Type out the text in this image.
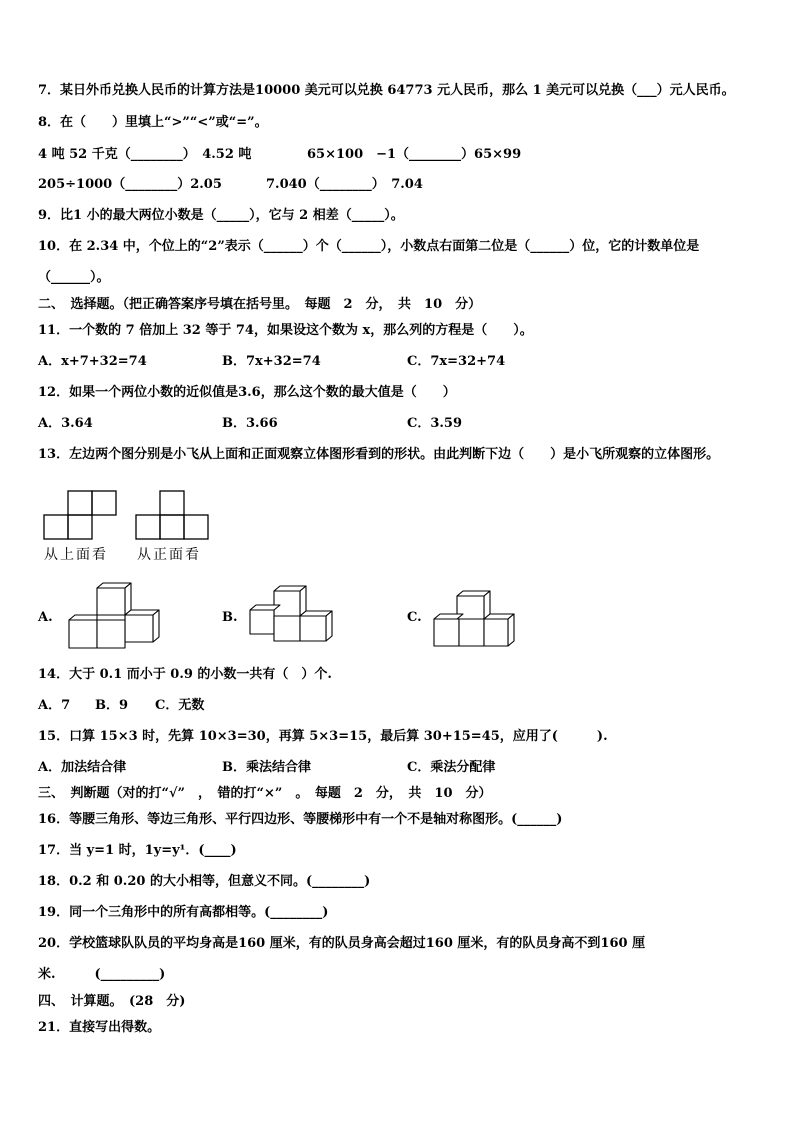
7．某日外币兑换人民币的计算方法是10000 美元可以兑换 64773 元人民币，那么 1 美元可以兑换（___）元人民币。
8．在（　　）里填上“>”“<”或“=”。
4 吨 52 千克（________）　4.52 吨	65×100　−1（________）65×99
205÷1000（________）2.05	7.040（________）　7.04
9．比1 小的最大两位小数是（_____），它与 2 相差（_____）。
10．在 2.34 中，个位上的“2”表示（______）个（______），小数点右面第二位是（______）位，它的计数单位是
（______）。
二、　选择题。（把正确答案序号填在括号里。　每题　2　分，　共　10　分）
11．一个数的 7 倍加上 32 等于 74，如果设这个数为 x，那么列的方程是（　　）。
A．x+7+32=74	B．7x+32=74	C．7x=32+74
12．如果一个两位小数的近似值是3.6，那么这个数的最大值是（　　）
A．3.64	B．3.66	C．3.59
13．左边两个图分别是小飞从上面和正面观察立体图形看到的形状。由此判断下边（　　）是小飞所观察的立体图形。
从上面看 从正面看
A.	B.	C.
14．大于 0.1 而小于 0.9 的小数一共有（　）个.
A．7 B．9 C．无数
15．口算 15×3 时，先算 10×3=30，再算 5×3=15，最后算 30+15=45，应用了(　　　).
A．加法结合律	B．乘法结合律	C．乘法分配律
三、　判断题（对的打“√”　，　错的打“×”　。　每题　2　分，　共　10　分）
16．等腰三角形、等边三角形、平行四边形、等腰梯形中有一个不是轴对称图形。(______)
17．当 y=1 时，1y=y¹．(____)
18．0.2 和 0.20 的大小相等，但意义不同。(________)
19．同一个三角形中的所有高都相等。(________)
20．学校篮球队队员的平均身高是160 厘米，有的队员身高会超过160 厘米，有的队员身高不到160 厘
米.　　　(_________)
四、　计算题。　(28　分)
21．直接写出得数。
